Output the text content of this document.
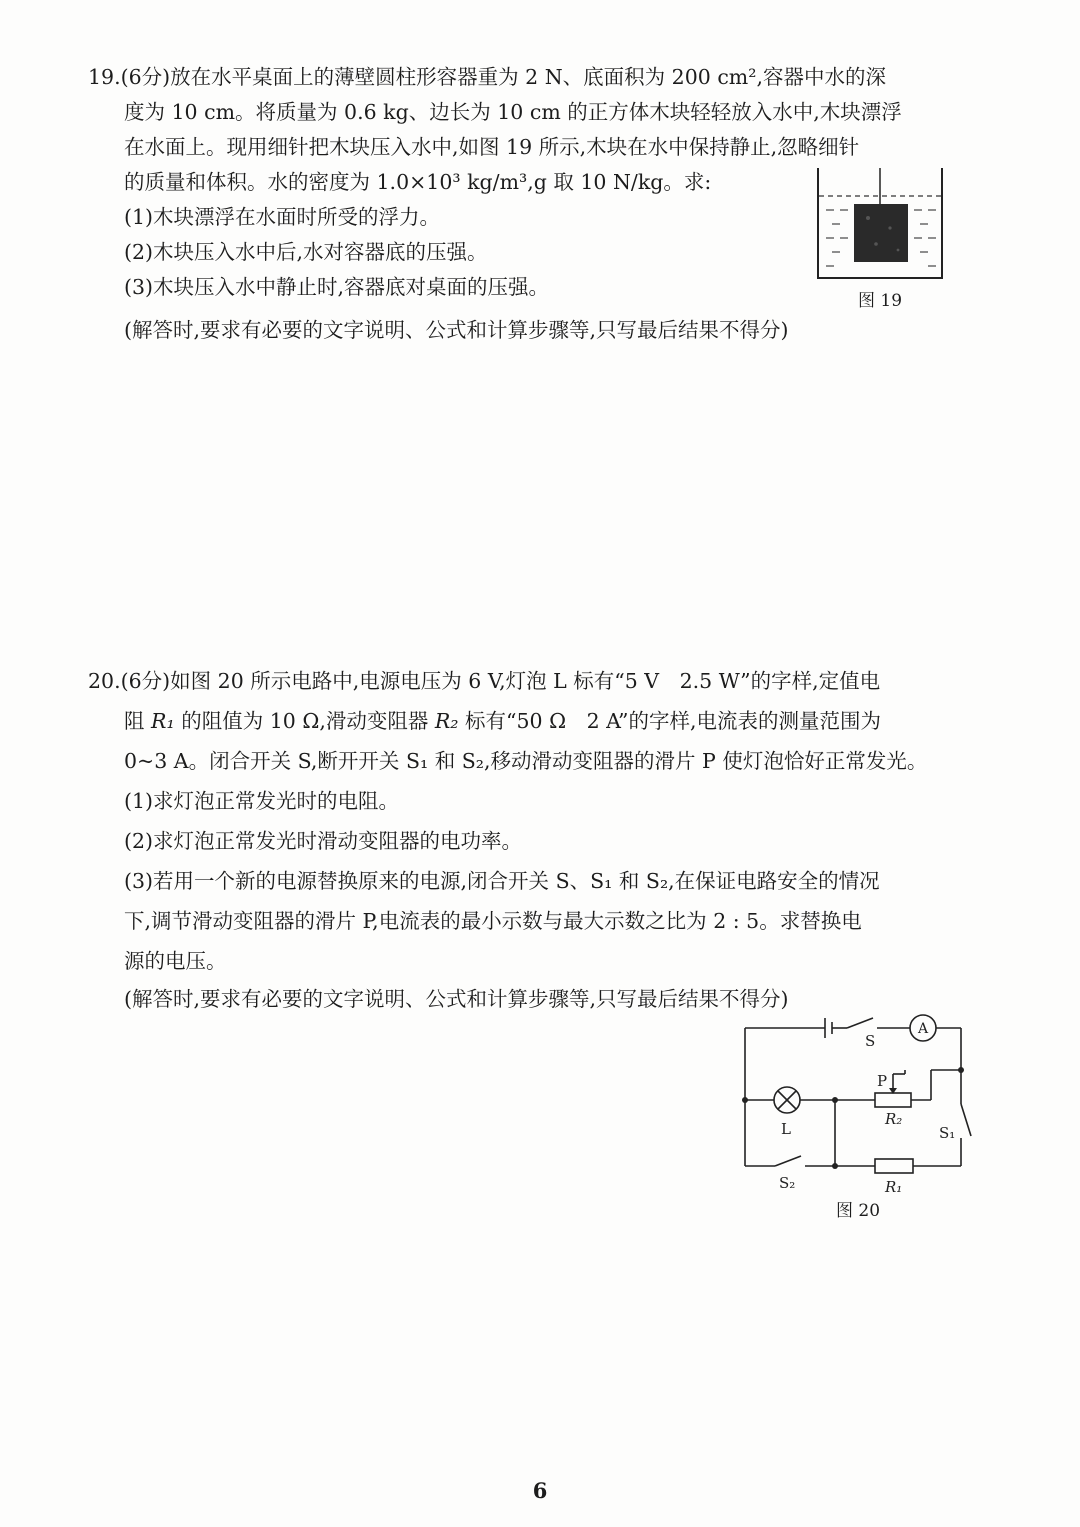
19.(6分)放在水平桌面上的薄壁圆柱形容器重为 2 N、底面积为 200 cm²,容器中水的深
度为 10 cm。将质量为 0.6 kg、边长为 10 cm 的正方体木块轻轻放入水中,木块漂浮
在水面上。现用细针把木块压入水中,如图 19 所示,木块在水中保持静止,忽略细针
的质量和体积。水的密度为 1.0×10³ kg/m³,g 取 10 N/kg。求:
(1)木块漂浮在水面时所受的浮力。
(2)木块压入水中后,水对容器底的压强。
(3)木块压入水中静止时,容器底对桌面的压强。
(解答时,要求有必要的文字说明、公式和计算步骤等,只写最后结果不得分)
图 19
20.(6分)如图 20 所示电路中,电源电压为 6 V,灯泡 L 标有“5 V　2.5 W”的字样,定值电
阻 R₁ 的阻值为 10 Ω,滑动变阻器 R₂ 标有“50 Ω　2 A”的字样,电流表的测量范围为
0~3 A。闭合开关 S,断开开关 S₁ 和 S₂,移动滑动变阻器的滑片 P 使灯泡恰好正常发光。
(1)求灯泡正常发光时的电阻。
(2)求灯泡正常发光时滑动变阻器的电功率。
(3)若用一个新的电源替换原来的电源,闭合开关 S、S₁ 和 S₂,在保证电路安全的情况
下,调节滑动变阻器的滑片 P,电流表的最小示数与最大示数之比为 2 : 5。求替换电
源的电压。
(解答时,要求有必要的文字说明、公式和计算步骤等,只写最后结果不得分)
S
A
P
R₂
L	S₁
S₂	R₁
图 20
6
